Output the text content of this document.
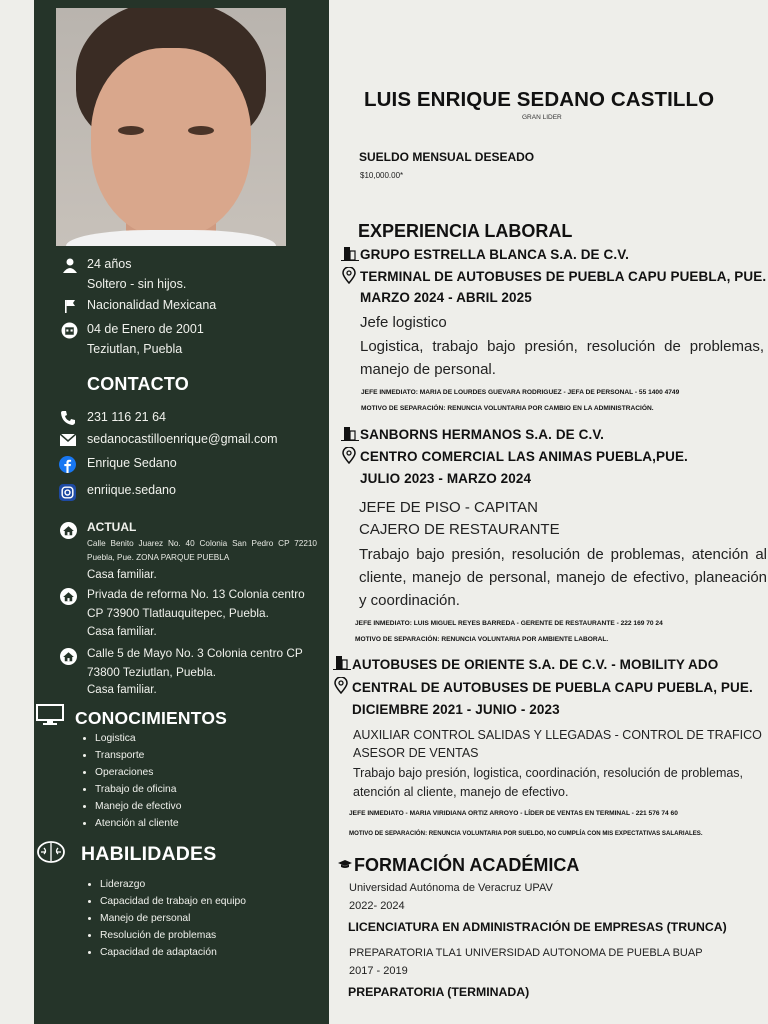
24 años
Soltero - sin hijos.
Nacionalidad Mexicana
04 de Enero de 2001
Teziutlan, Puebla
CONTACTO
231 116 21 64
sedanocastilloenrique@gmail.com
Enrique Sedano
enriique.sedano
ACTUAL
Calle Benito Juarez No. 40 Colonia San Pedro CP 72210 Puebla, Pue. ZONA PARQUE PUEBLA
Casa familiar.
Privada de reforma No. 13 Colonia centro CP 73900 Tlatlauquitepec, Puebla.
Casa familiar.
Calle 5 de Mayo No. 3 Colonia centro CP 73800 Teziutlan, Puebla.
Casa familiar.
CONOCIMIENTOS
• Logistica
• Transporte
• Operaciones
• Trabajo de oficina
• Manejo de efectivo
• Atención al cliente
HABILIDADES
• Liderazgo
• Capacidad de trabajo en equipo
• Manejo de personal
• Resolución de problemas
• Capacidad de adaptación
LUIS ENRIQUE SEDANO CASTILLO
GRAN LIDER
SUELDO MENSUAL DESEADO
$10,000.00*
EXPERIENCIA LABORAL
GRUPO ESTRELLA BLANCA S.A. DE C.V.
TERMINAL DE AUTOBUSES DE PUEBLA CAPU PUEBLA, PUE.
MARZO 2024 - ABRIL 2025
Jefe logistico
Logistica, trabajo bajo presión, resolución de problemas, manejo de personal.
JEFE INMEDIATO: MARIA DE LOURDES GUEVARA RODRIGUEZ - JEFA DE PERSONAL - 55 1400 4749
MOTIVO DE SEPARACIÓN: RENUNCIA VOLUNTARIA POR CAMBIO EN LA ADMINISTRACIÓN.
SANBORNS HERMANOS S.A. DE C.V.
CENTRO COMERCIAL LAS ANIMAS PUEBLA,PUE.
JULIO 2023 - MARZO 2024
JEFE DE PISO - CAPITAN
CAJERO DE RESTAURANTE
Trabajo bajo presión, resolución de problemas, atención al cliente, manejo de personal, manejo de efectivo, planeación y coordinación.
JEFE INMEDIATO: LUIS MIGUEL REYES BARREDA - GERENTE DE RESTAURANTE - 222 169 70 24
MOTIVO DE SEPARACIÓN: RENUNCIA VOLUNTARIA POR AMBIENTE LABORAL.
AUTOBUSES DE ORIENTE S.A. DE C.V. - MOBILITY ADO
CENTRAL DE AUTOBUSES DE PUEBLA CAPU PUEBLA, PUE.
DICIEMBRE 2021 - JUNIO - 2023
AUXILIAR CONTROL SALIDAS Y LLEGADAS - CONTROL DE TRAFICO
ASESOR DE VENTAS
Trabajo bajo presión, logistica, coordinación, resolución de problemas, atención al cliente, manejo de efectivo.
JEFE INMEDIATO - MARIA VIRIDIANA ORTIZ ARROYO - LÍDER DE VENTAS EN TERMINAL - 221 576 74 60
MOTIVO DE SEPARACIÓN: RENUNCIA VOLUNTARIA POR SUELDO, NO CUMPLÍA CON MIS EXPECTATIVAS SALARIALES.
FORMACIÓN ACADÉMICA
Universidad Autónoma de Veracruz UPAV
2022- 2024
LICENCIATURA EN ADMINISTRACIÓN DE EMPRESAS (TRUNCA)
PREPARATORIA TLA1 UNIVERSIDAD AUTONOMA DE PUEBLA BUAP
2017 - 2019
PREPARATORIA (TERMINADA)
